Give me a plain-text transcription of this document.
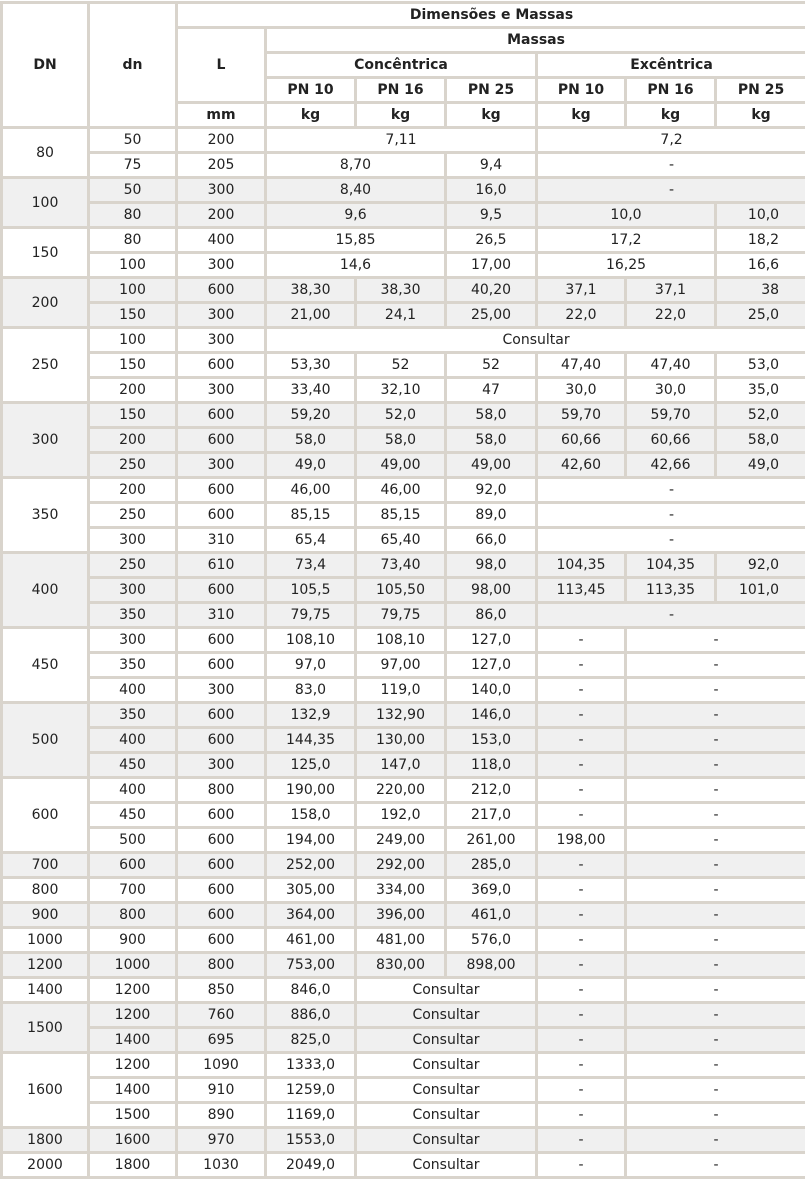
DN	dn	Dimensões e Massas						
		L	Massas					
			Concêntrica			Excêntrica		
			PN 10	PN 16	PN 25	PN 10	PN 16	PN 25
		mm	kg	kg	kg	kg	kg	kg
80	50	200	7,11			7,2		
	75	205	8,70		9,4	-		
100	50	300	8,40		16,0	-		
	80	200	9,6		9,5	10,0		10,0
150	80	400	15,85		26,5	17,2		18,2
	100	300	14,6		17,00	16,25		16,6
200	100	600	38,30	38,30	40,20	37,1	37,1	38
	150	300	21,00	24,1	25,00	22,0	22,0	25,0
250	100	300	Consultar					
	150	600	53,30	52	52	47,40	47,40	53,0
	200	300	33,40	32,10	47	30,0	30,0	35,0
300	150	600	59,20	52,0	58,0	59,70	59,70	52,0
	200	600	58,0	58,0	58,0	60,66	60,66	58,0
	250	300	49,0	49,00	49,00	42,60	42,66	49,0
350	200	600	46,00	46,00	92,0	-		
	250	600	85,15	85,15	89,0	-		
	300	310	65,4	65,40	66,0	-		
400	250	610	73,4	73,40	98,0	104,35	104,35	92,0
	300	600	105,5	105,50	98,00	113,45	113,35	101,0
	350	310	79,75	79,75	86,0	-		
450	300	600	108,10	108,10	127,0	-	-	
	350	600	97,0	97,00	127,0	-	-	
	400	300	83,0	119,0	140,0	-	-	
500	350	600	132,9	132,90	146,0	-	-	
	400	600	144,35	130,00	153,0	-	-	
	450	300	125,0	147,0	118,0	-	-	
600	400	800	190,00	220,00	212,0	-	-	
	450	600	158,0	192,0	217,0	-	-	
	500	600	194,00	249,00	261,00	198,00	-	
700	600	600	252,00	292,00	285,0	-	-	
800	700	600	305,00	334,00	369,0	-	-	
900	800	600	364,00	396,00	461,0	-	-	
1000	900	600	461,00	481,00	576,0	-	-	
1200	1000	800	753,00	830,00	898,00	-	-	
1400	1200	850	846,0	Consultar		-	-	
1500	1200	760	886,0	Consultar		-	-	
	1400	695	825,0	Consultar		-	-	
1600	1200	1090	1333,0	Consultar		-	-	
	1400	910	1259,0	Consultar		-	-	
	1500	890	1169,0	Consultar		-	-	
1800	1600	970	1553,0	Consultar		-	-	
2000	1800	1030	2049,0	Consultar		-	-	
